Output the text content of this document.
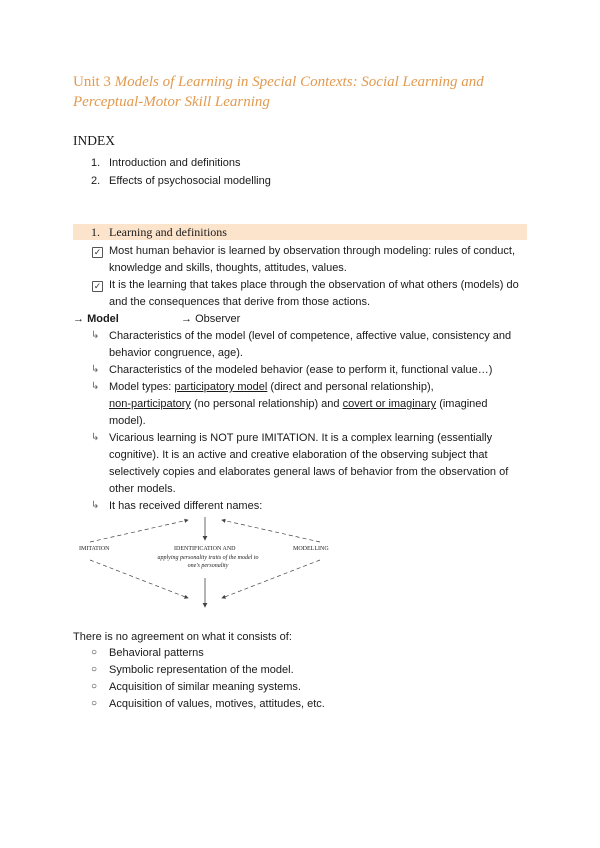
Unit 3 Models of Learning in Special Contexts: Social Learning and Perceptual-Motor Skill Learning
INDEX
1. Introduction and definitions
2. Effects of psychosocial modelling
1. Learning and definitions
✓ Most human behavior is learned by observation through modeling: rules of conduct,
knowledge and skills, thoughts, attitudes, values.
✓ It is the learning that takes place through the observation of what others (models) do
and the consequences that derive from those actions.
→ Model	→ Observer
↳ Characteristics of the model (level of competence, affective value, consistency and
behavior congruence, age).
↳ Characteristics of the modeled behavior (ease to perform it, functional value…)
↳ Model types: participatory model (direct and personal relationship),
non-participatory (no personal relationship) and covert or imaginary (imagined
model).
↳ Vicarious learning is NOT pure IMITATION. It is a complex learning (essentially
cognitive). It is an active and creative elaboration of the observing subject that
selectively copies and elaborates general laws of behavior from the observation of
other models.
↳ It has received different names:
IMITATION	IDENTIFICATION AND
applying personality traits of the model to
one's personality
MODELLING
There is no agreement on what it consists of:
○ Behavioral patterns
○ Symbolic representation of the model.
○ Acquisition of similar meaning systems.
○ Acquisition of values, motives, attitudes, etc.
